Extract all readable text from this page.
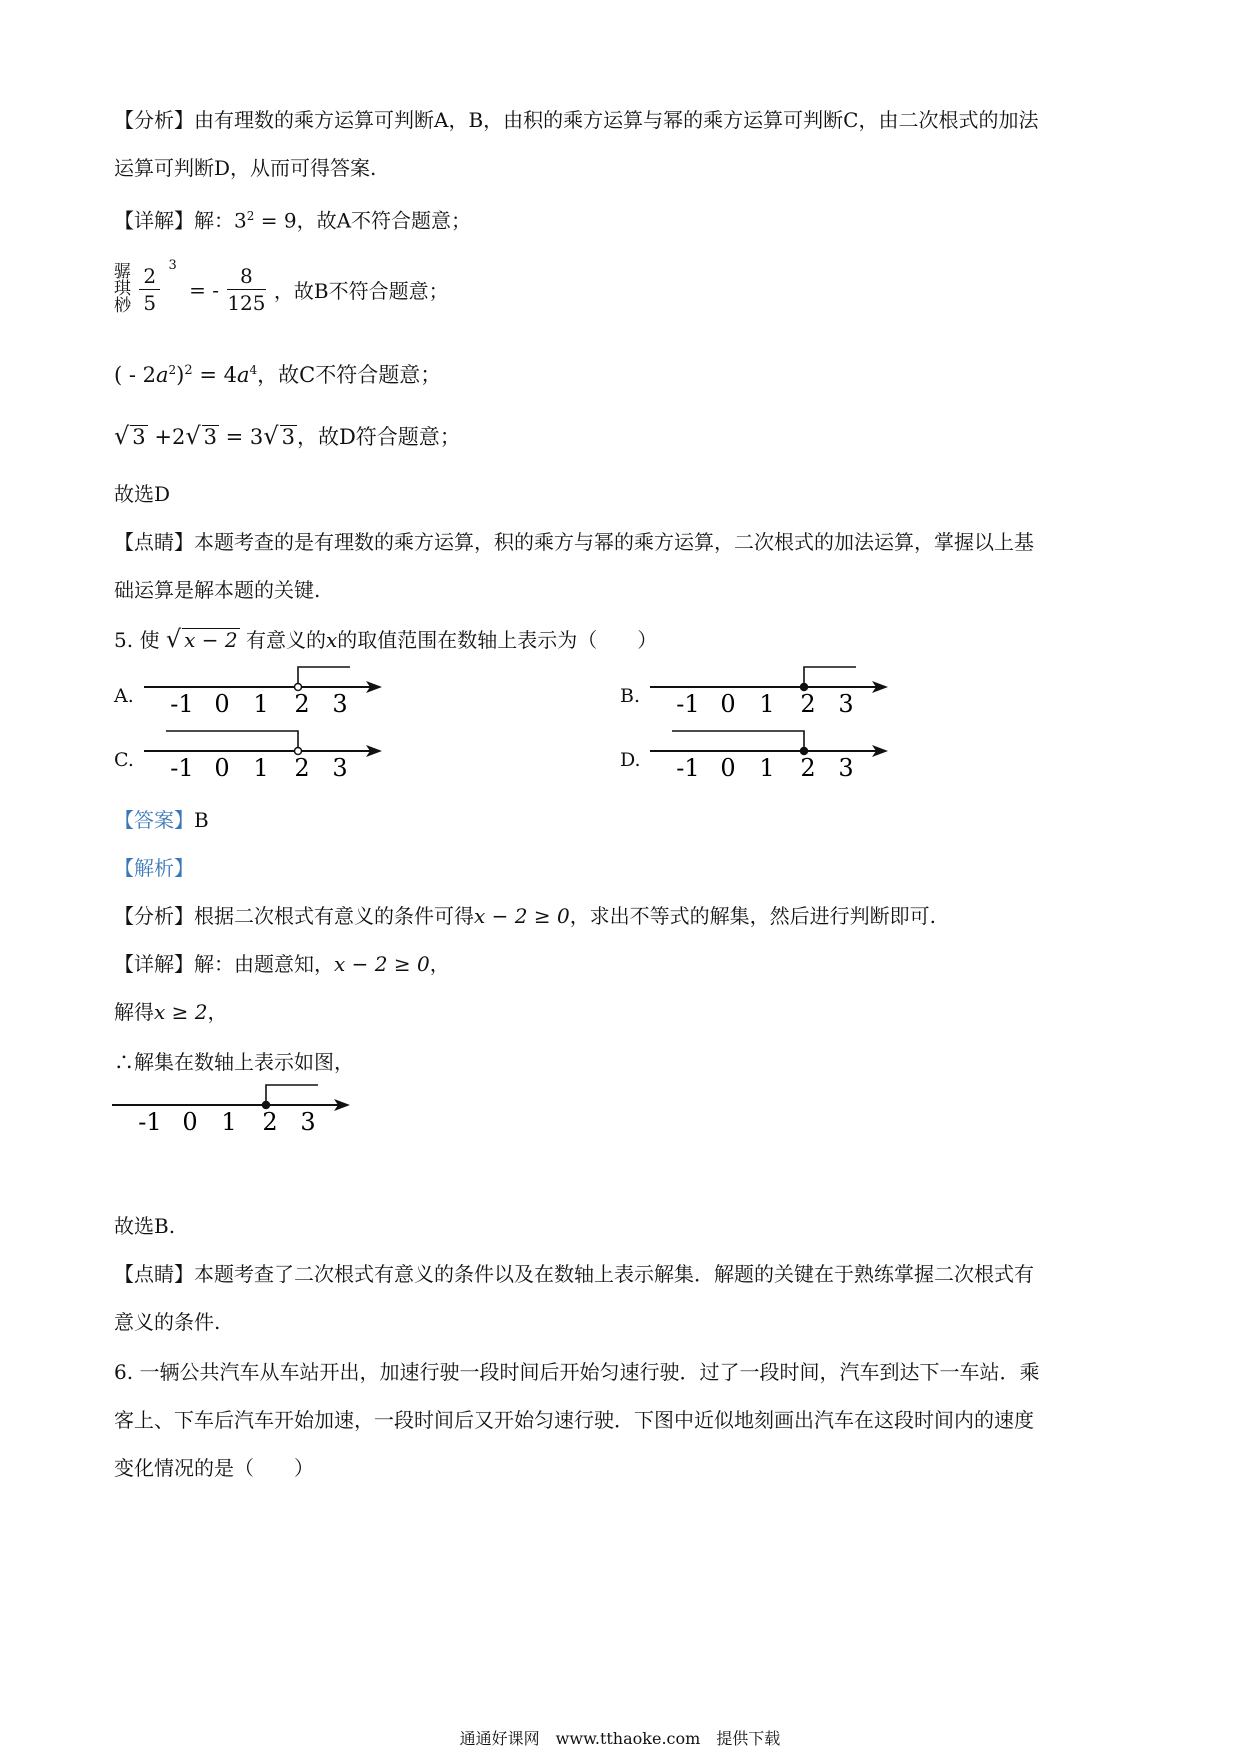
【分析】由有理数的乘方运算可判断A，B，由积的乘方运算与幂的乘方运算可判断C，由二次根式的加法
运算可判断D，从而可得答案.
【详解】解：$3^2 = 9$，故A不符合题意；
骣
琪
桫 $\frac{2}{5} ^3$ = - $\frac{8}{125}$ ，故B不符合题意；
( - $2a^2)^2 = 4a^4$，故C不符合题意；
√ 3 +2√ 3 = 3√ 3，故D符合题意；
故选D
【点睛】本题考查的是有理数的乘方运算，积的乘方与幂的乘方运算，二次根式的加法运算，掌握以上基
础运算是解本题的关键.
5. 使 √ x − 2 有意义的x的取值范围在数轴上表示为（　　）
A. -1 0 1 2 3	B. -1 0 1 2 3
C. -1 0 1 2 3	D. -1 0 1 2 3
【答案】B
【解析】
【分析】根据二次根式有意义的条件可得x − 2 ≥ 0，求出不等式的解集，然后进行判断即可.
【详解】解：由题意知，x − 2 ≥ 0，
解得x ≥ 2，
∴解集在数轴上表示如图，
-1 0 1 2 3
故选B.
【点睛】本题考查了二次根式有意义的条件以及在数轴上表示解集．解题的关键在于熟练掌握二次根式有
意义的条件.
6. 一辆公共汽车从车站开出，加速行驶一段时间后开始匀速行驶．过了一段时间，汽车到达下一车站．乘
客上、下车后汽车开始加速，一段时间后又开始匀速行驶．下图中近似地刻画出汽车在这段时间内的速度
变化情况的是（　　）
通通好课网　www.tthaoke.com　提供下载
